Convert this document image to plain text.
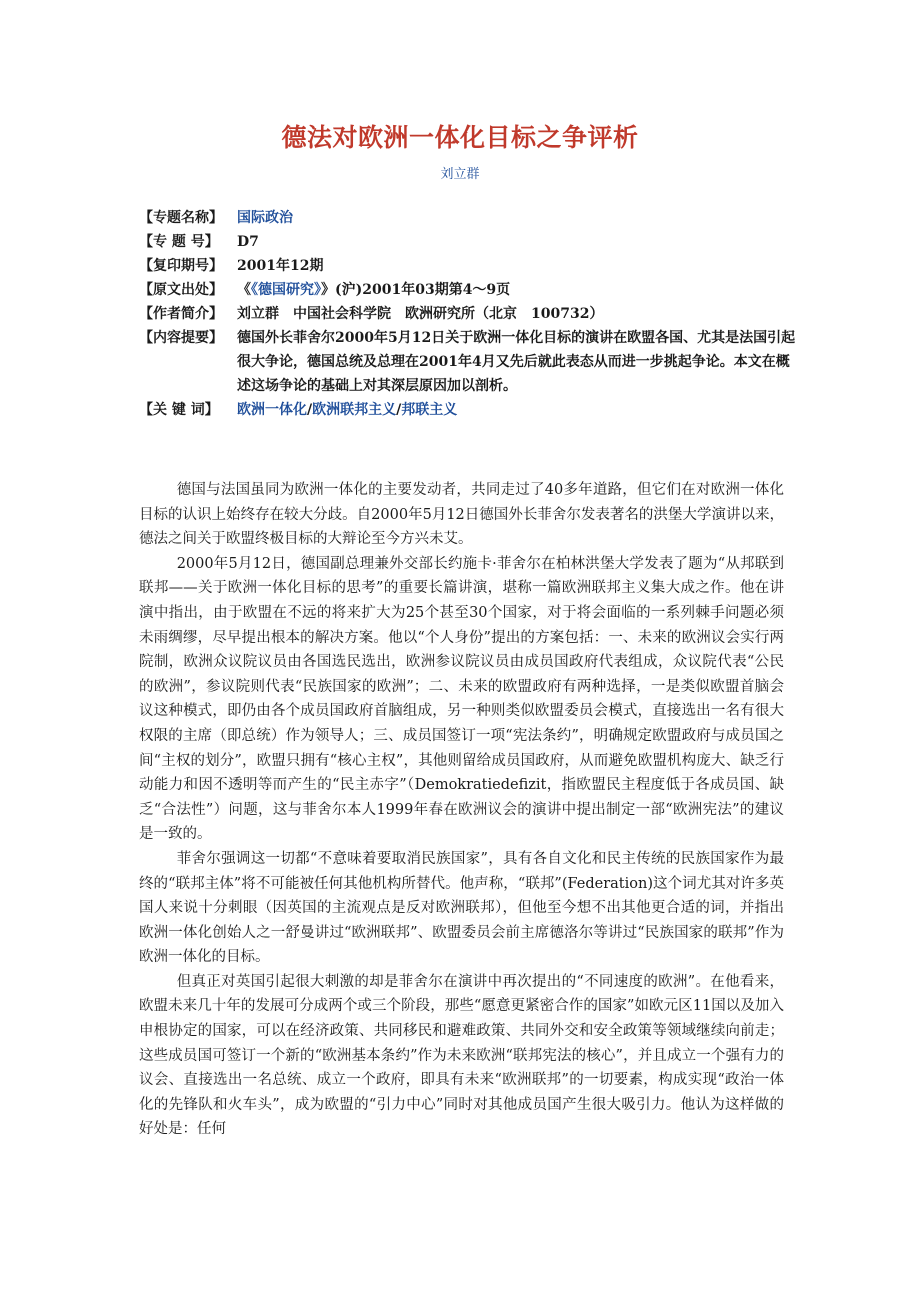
德法对欧洲一体化目标之争评析
刘立群
【专题名称】	国际政治
【专 题 号】	D7
【复印期号】	2001年12期
【原文出处】	《《德国研究》》(沪)2001年03期第4～9页
【作者简介】	刘立群　中国社会科学院　欧洲研究所（北京　100732）
【内容提要】	德国外长菲舍尔2000年5月12日关于欧洲一体化目标的演讲在欧盟各国、尤其是法国引起很大争论，德国总统及总理在2001年4月又先后就此表态从而进一步挑起争论。本文在概述这场争论的基础上对其深层原因加以剖析。
【关 键 词】	欧洲一体化/欧洲联邦主义/邦联主义

德国与法国虽同为欧洲一体化的主要发动者，共同走过了40多年道路，但它们在对欧洲一体化目标的认识上始终存在较大分歧。自2000年5月12日德国外长菲舍尔发表著名的洪堡大学演讲以来，德法之间关于欧盟终极目标的大辩论至今方兴未艾。

2000年5月12日，德国副总理兼外交部长约施卡·菲舍尔在柏林洪堡大学发表了题为“从邦联到联邦——关于欧洲一体化目标的思考”的重要长篇讲演，堪称一篇欧洲联邦主义集大成之作。他在讲演中指出，由于欧盟在不远的将来扩大为25个甚至30个国家，对于将会面临的一系列棘手问题必须未雨绸缪，尽早提出根本的解决方案。他以“个人身份”提出的方案包括：一、未来的欧洲议会实行两院制，欧洲众议院议员由各国选民选出，欧洲参议院议员由成员国政府代表组成，众议院代表“公民的欧洲”，参议院则代表“民族国家的欧洲”；二、未来的欧盟政府有两种选择，一是类似欧盟首脑会议这种模式，即仍由各个成员国政府首脑组成，另一种则类似欧盟委员会模式，直接选出一名有很大权限的主席（即总统）作为领导人；三、成员国签订一项“宪法条约”，明确规定欧盟政府与成员国之间“主权的划分”，欧盟只拥有“核心主权”，其他则留给成员国政府，从而避免欧盟机构庞大、缺乏行动能力和因不透明等而产生的“民主赤字”（Demokratiedefizit，指欧盟民主程度低于各成员国、缺乏“合法性”）问题，这与菲舍尔本人1999年春在欧洲议会的演讲中提出制定一部“欧洲宪法”的建议是一致的。

菲舍尔强调这一切都“不意味着要取消民族国家”，具有各自文化和民主传统的民族国家作为最终的“联邦主体”将不可能被任何其他机构所替代。他声称，“联邦”(Federation)这个词尤其对许多英国人来说十分刺眼（因英国的主流观点是反对欧洲联邦），但他至今想不出其他更合适的词，并指出欧洲一体化创始人之一舒曼讲过“欧洲联邦”、欧盟委员会前主席德洛尔等讲过“民族国家的联邦”作为欧洲一体化的目标。

但真正对英国引起很大刺激的却是菲舍尔在演讲中再次提出的“不同速度的欧洲”。在他看来，欧盟未来几十年的发展可分成两个或三个阶段，那些“愿意更紧密合作的国家”如欧元区11国以及加入申根协定的国家，可以在经济政策、共同移民和避难政策、共同外交和安全政策等领域继续向前走；这些成员国可签订一个新的“欧洲基本条约”作为未来欧洲“联邦宪法的核心”，并且成立一个强有力的议会、直接选出一名总统、成立一个政府，即具有未来“欧洲联邦”的一切要素，构成实现“政治一体化的先锋队和火车头”，成为欧盟的“引力中心”同时对其他成员国产生很大吸引力。他认为这样做的好处是：任何
